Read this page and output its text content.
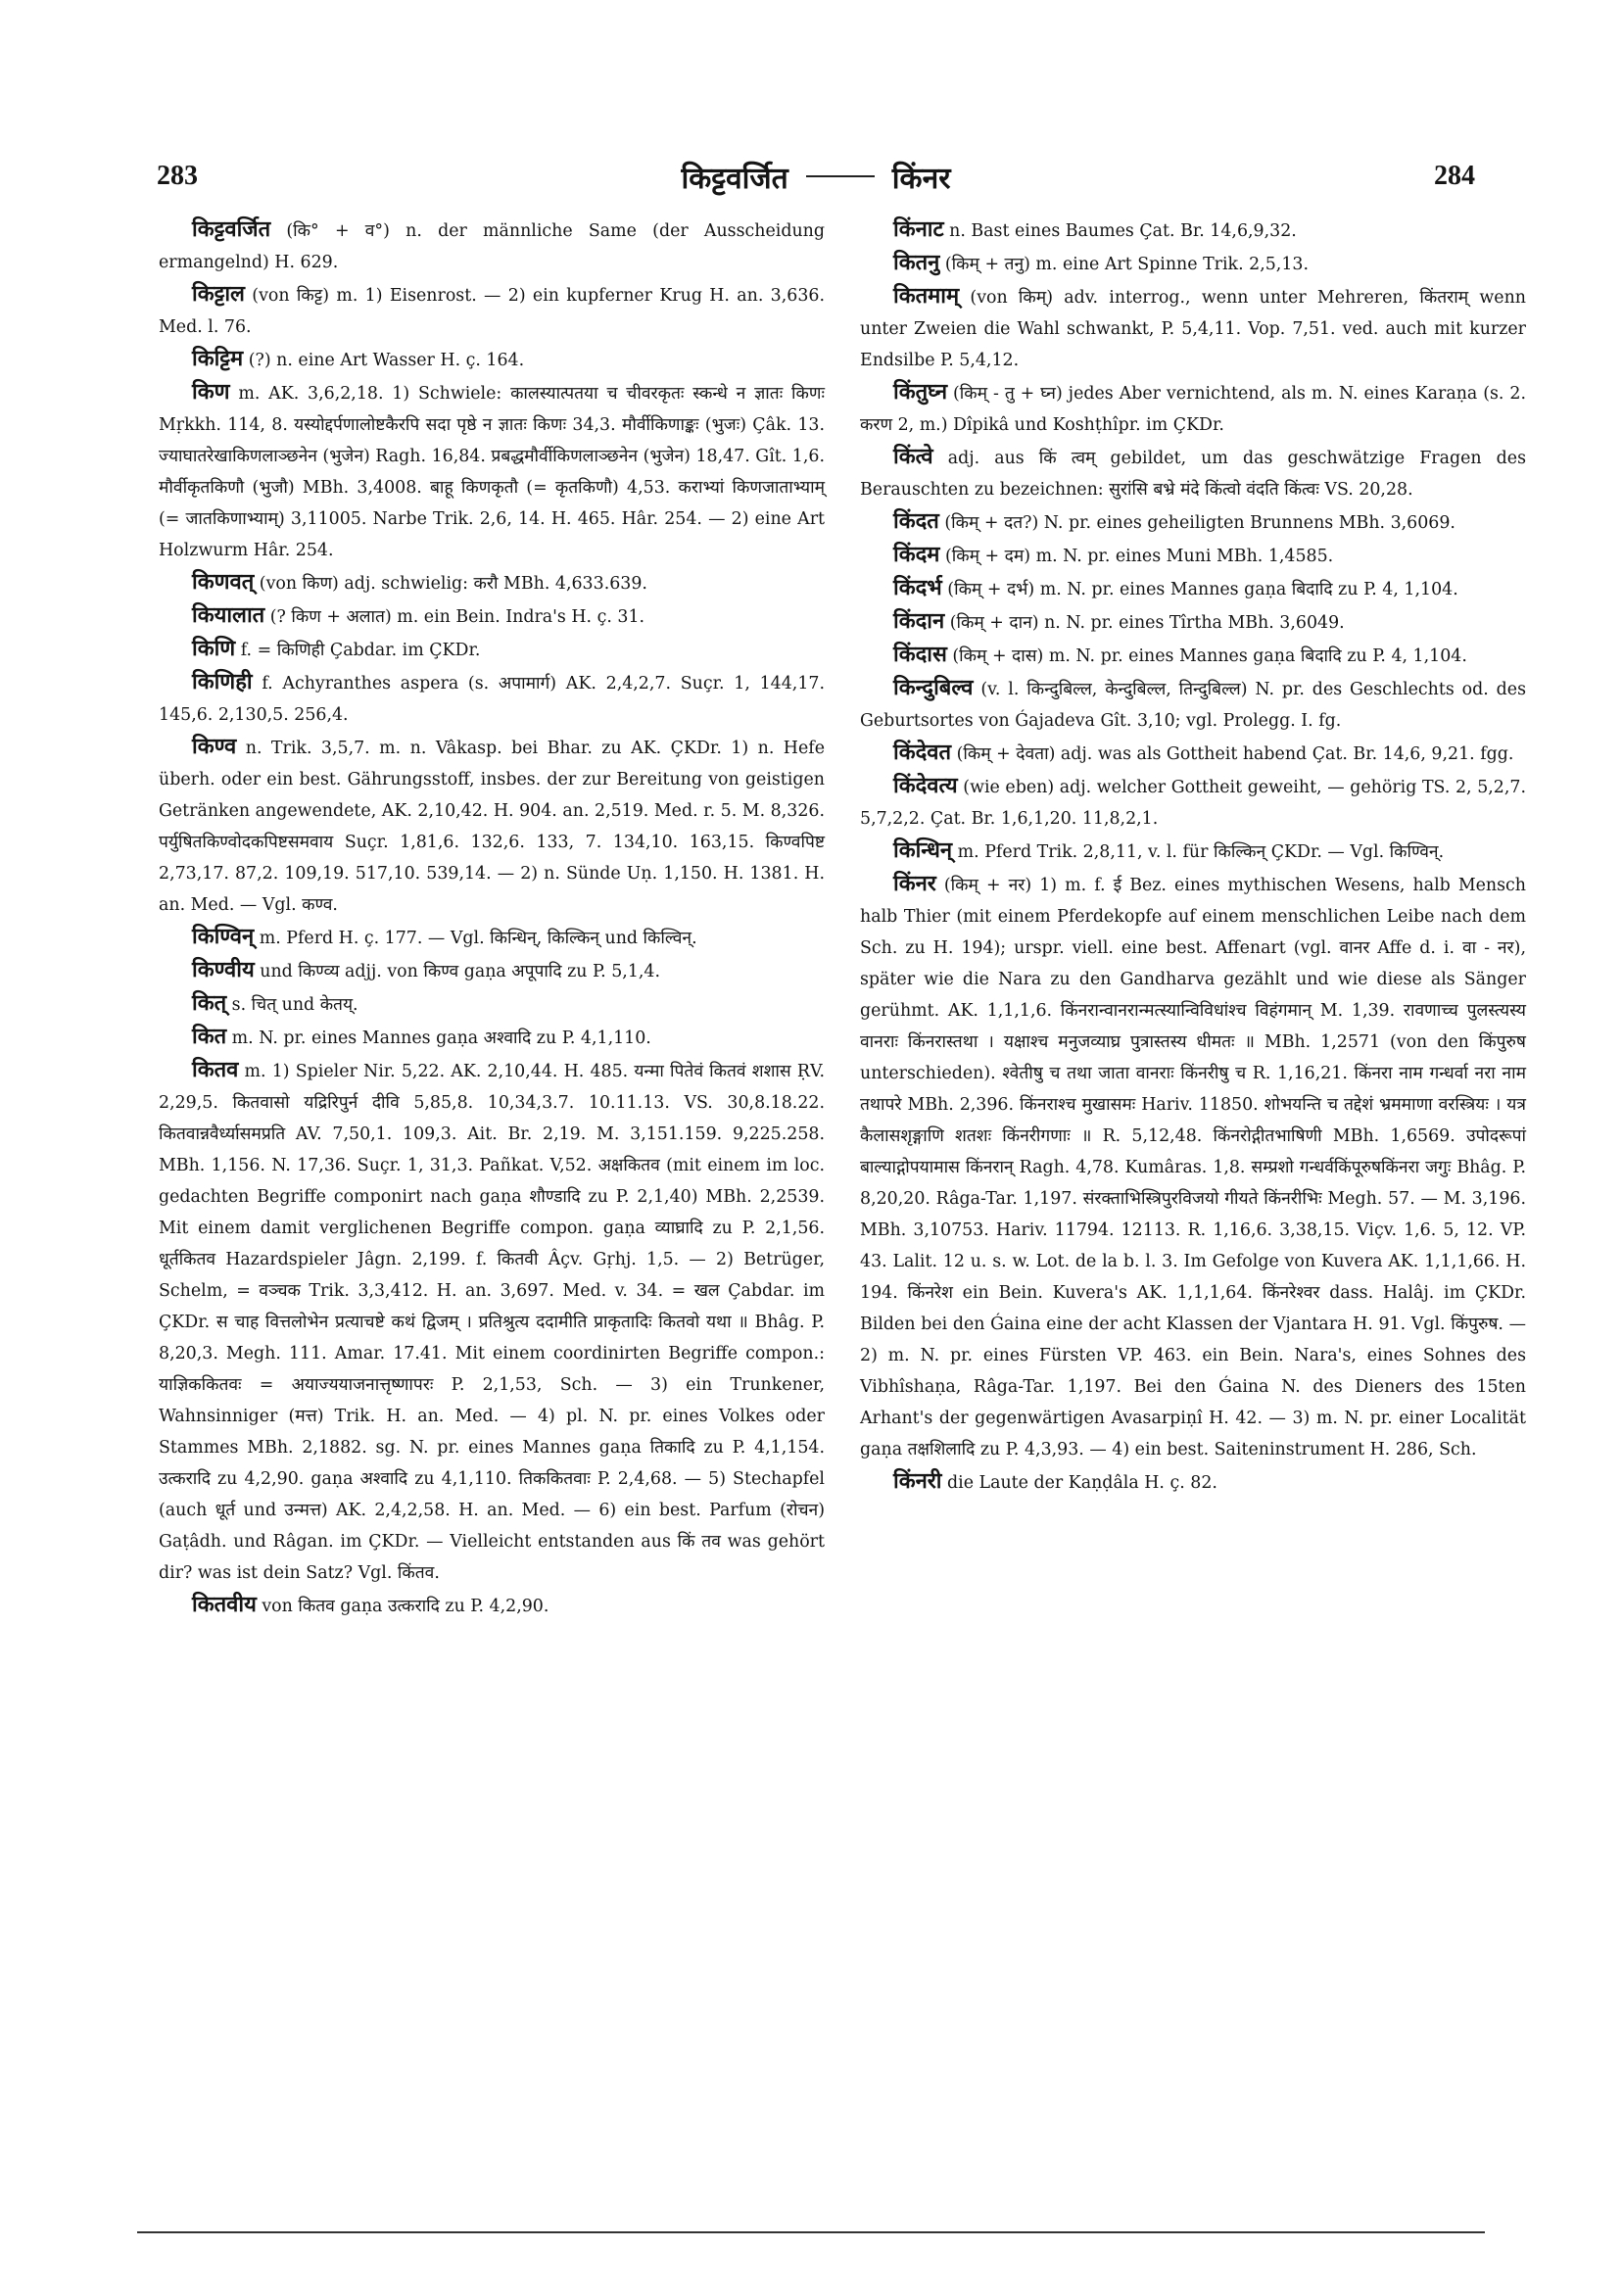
283	किट्टवर्जित	किंनर	284

किट्टवर्जित (कि° + व°) n. der männliche Same (der Ausscheidung ermangelnd) H. 629.

किट्टाल (von किट्ट) m. 1) Eisenrost. — 2) ein kupferner Krug H. an. 3,636. Med. l. 76.

किट्टिम (?) n. eine Art Wasser H. ç. 164.

किण m. AK. 3,6,2,18. 1) Schwiele: कालस्यात्पतया च चीवरकृतः स्कन्धे न ज्ञातः किणः Mṛkkh. 114, 8. यस्योद्दर्पणालोष्टकैरपि सदा पृष्ठे न ज्ञातः किणः 34,3. मौर्वीकिणाङ्कः (भुजः) Çâk. 13. ज्याघातरेखाकिणलाञ्छनेन (भुजेन) Ragh. 16,84. प्रबद्धमौर्वीकिणलाञ्छनेन (भुजेन) 18,47. Gît. 1,6. मौर्वीकृतकिणौ (भुजौ) MBh. 3,4008. बाहू किणकृतौ (= कृतकिणौ) 4,53. कराभ्यां किणजाताभ्याम् (= जातकिणाभ्याम्) 3,11005. Narbe Trik. 2,6, 14. H. 465. Hâr. 254. — 2) eine Art Holzwurm Hâr. 254.

किणवत् (von किण) adj. schwielig: करौ MBh. 4,633.639.

कियालात (? किण + अलात) m. ein Bein. Indra's H. ç. 31.

किणि f. = किणिही Çabdar. im ÇKDr.

किणिही f. Achyranthes aspera (s. अपामार्ग) AK. 2,4,2,7. Suçr. 1, 144,17. 145,6. 2,130,5. 256,4.

किण्व n. Trik. 3,5,7. m. n. Vâkasp. bei Bhar. zu AK. ÇKDr. 1) n. Hefe überh. oder ein best. Gährungsstoff, insbes. der zur Bereitung von geistigen Getränken angewendete, AK. 2,10,42. H. 904. an. 2,519. Med. r. 5. M. 8,326. पर्युषितकिण्वोदकपिष्टसमवाय Suçr. 1,81,6. 132,6. 133, 7. 134,10. 163,15. किण्वपिष्ट 2,73,17. 87,2. 109,19. 517,10. 539,14. — 2) n. Sünde Uṇ. 1,150. H. 1381. H. an. Med. — Vgl. कण्व.

किण्विन् m. Pferd H. ç. 177. — Vgl. किन्धिन्, किल्किन् und किल्विन्.

किण्वीय und किण्व्य adjj. von किण्व gaṇa अपूपादि zu P. 5,1,4.

कित् s. चित् und केतय्.

कित m. N. pr. eines Mannes gaṇa अश्वादि zu P. 4,1,110.

कितव m. 1) Spieler Nir. 5,22. AK. 2,10,44. H. 485. यन्मा पितेवं कितवं शशास ṚV. 2,29,5. कितवासो यद्रिरिपुर्न दीवि 5,85,8. 10,34,3.7. 10.11.13. VS. 30,8.18.22. कितवान्नवैर्ध्यासमप्रति AV. 7,50,1. 109,3. Ait. Br. 2,19. M. 3,151.159. 9,225.258. MBh. 1,156. N. 17,36. Suçr. 1, 31,3. Pañkat. V,52. अक्षकितव (mit einem im loc. gedachten Begriffe componirt nach gaṇa शौण्डादि zu P. 2,1,40) MBh. 2,2539. Mit einem damit verglichenen Begriffe compon. gaṇa व्याघ्रादि zu P. 2,1,56. धूर्तकितव Hazardspieler Jâgn. 2,199. f. कितवी Âçv. Gṛhj. 1,5. — 2) Betrüger, Schelm, = वञ्चक Trik. 3,3,412. H. an. 3,697. Med. v. 34. = खल Çabdar. im ÇKDr. स चाह वित्तलोभेन प्रत्याचष्टे कथं द्विजम् । प्रतिश्रुत्य ददामीति प्राकृतादिः कितवो यथा ॥ Bhâg. P. 8,20,3. Megh. 111. Amar. 17.41. Mit einem coordinirten Begriffe compon.: याज्ञिककितवः = अयाज्ययाजनात्तृष्णापरः P. 2,1,53, Sch. — 3) ein Trunkener, Wahnsinniger (मत्त) Trik. H. an. Med. — 4) pl. N. pr. eines Volkes oder Stammes MBh. 2,1882. sg. N. pr. eines Mannes gaṇa तिकादि zu P. 4,1,154. उत्करादि zu 4,2,90. gaṇa अश्वादि zu 4,1,110. तिककितवाः P. 2,4,68. — 5) Stechapfel (auch धूर्त und उन्मत्त) AK. 2,4,2,58. H. an. Med. — 6) ein best. Parfum (रोचन) Gaṭâdh. und Râgan. im ÇKDr. — Vielleicht entstanden aus किं तव was gehört dir? was ist dein Satz? Vgl. किंतव.

कितवीय von कितव gaṇa उत्करादि zu P. 4,2,90.

किंनाट n. Bast eines Baumes Çat. Br. 14,6,9,32.

कितनु (किम् + तनु) m. eine Art Spinne Trik. 2,5,13.

कितमाम् (von किम्) adv. interrog., wenn unter Mehreren, किंतराम् wenn unter Zweien die Wahl schwankt, P. 5,4,11. Vop. 7,51. ved. auch mit kurzer Endsilbe P. 5,4,12.

किंतुघ्न (किम् - तु + घ्न) jedes Aber vernichtend, als m. N. eines Karaṇa (s. 2. करण 2, m.) Dîpikâ und Koshṭhîpr. im ÇKDr.

किंत्वे adj. aus किं त्वम् gebildet, um das geschwätzige Fragen des Berauschten zu bezeichnen: सुरांसि बभ्रे मंदे किंत्वो वंदति किंत्वः VS. 20,28.

किंदत (किम् + दत?) N. pr. eines geheiligten Brunnens MBh. 3,6069.

किंदम (किम् + दम) m. N. pr. eines Muni MBh. 1,4585.

किंदर्भ (किम् + दर्भ) m. N. pr. eines Mannes gaṇa बिदादि zu P. 4, 1,104.

किंदान (किम् + दान) n. N. pr. eines Tîrtha MBh. 3,6049.

किंदास (किम् + दास) m. N. pr. eines Mannes gaṇa बिदादि zu P. 4, 1,104.

किन्दुबिल्व (v. l. किन्दुबिल्ल, केन्दुबिल्ल, तिन्दुबिल्ल) N. pr. des Geschlechts od. des Geburtsortes von Ǵajadeva Gît. 3,10; vgl. Prolegg. I. fg.

किंदेवत (किम् + देवता) adj. was als Gottheit habend Çat. Br. 14,6, 9,21. fgg.

किंदेवत्य (wie eben) adj. welcher Gottheit geweiht, — gehörig TS. 2, 5,2,7. 5,7,2,2. Çat. Br. 1,6,1,20. 11,8,2,1.

किन्धिन् m. Pferd Trik. 2,8,11, v. l. für किल्किन् ÇKDr. — Vgl. किण्विन्.

किंनर (किम् + नर) 1) m. f. ई Bez. eines mythischen Wesens, halb Mensch halb Thier (mit einem Pferdekopfe auf einem menschlichen Leibe nach dem Sch. zu H. 194); urspr. viell. eine best. Affenart (vgl. वानर Affe d. i. वा - नर), später wie die Nara zu den Gandharva gezählt und wie diese als Sänger gerühmt. AK. 1,1,1,6. किंनरान्वानरान्मत्स्यान्विविधांश्च विहंगमान् M. 1,39. रावणाच्च पुलस्त्यस्य वानराः किंनरास्तथा । यक्षाश्च मनुजव्याघ्र पुत्रास्तस्य धीमतः ॥ MBh. 1,2571 (von den किंपुरुष unterschieden). श्वेतीषु च तथा जाता वानराः किंनरीषु च R. 1,16,21. किंनरा नाम गन्धर्वा नरा नाम तथापरे MBh. 2,396. किंनराश्च मुखासमः Hariv. 11850. शोभयन्ति च तद्देशं भ्रममाणा वरस्त्रियः । यत्र कैलासश‍ृङ्गाणि शतशः किंनरीगणाः ॥ R. 5,12,48. किंनरोद्गीतभाषिणी MBh. 1,6569. उपोदरूपां बाल्याद्गोपयामास किंनरान् Ragh. 4,78. Kumâras. 1,8. सम्प्रशो गन्धर्वकिंपूरुषकिंनरा जगुः Bhâg. P. 8,20,20. Râga-Tar. 1,197. संरक्ताभिस्त्रिपुरविजयो गीयते किंनरीभिः Megh. 57. — M. 3,196. MBh. 3,10753. Hariv. 11794. 12113. R. 1,16,6. 3,38,15. Viçv. 1,6. 5, 12. VP. 43. Lalit. 12 u. s. w. Lot. de la b. l. 3. Im Gefolge von Kuvera AK. 1,1,1,66. H. 194. किंनरेश ein Bein. Kuvera's AK. 1,1,1,64. किंनरेश्वर dass. Halâj. im ÇKDr. Bilden bei den Ǵaina eine der acht Klassen der Vjantara H. 91. Vgl. किंपुरुष. — 2) m. N. pr. eines Fürsten VP. 463. ein Bein. Nara's, eines Sohnes des Vibhîshaṇa, Râga-Tar. 1,197. Bei den Ǵaina N. des Dieners des 15ten Arhant's der gegenwärtigen Avasarpiṇî H. 42. — 3) m. N. pr. einer Localität gaṇa तक्षशिलादि zu P. 4,3,93. — 4) ein best. Saiteninstrument H. 286, Sch.

किंनरी die Laute der Kaṇḍâla H. ç. 82.
